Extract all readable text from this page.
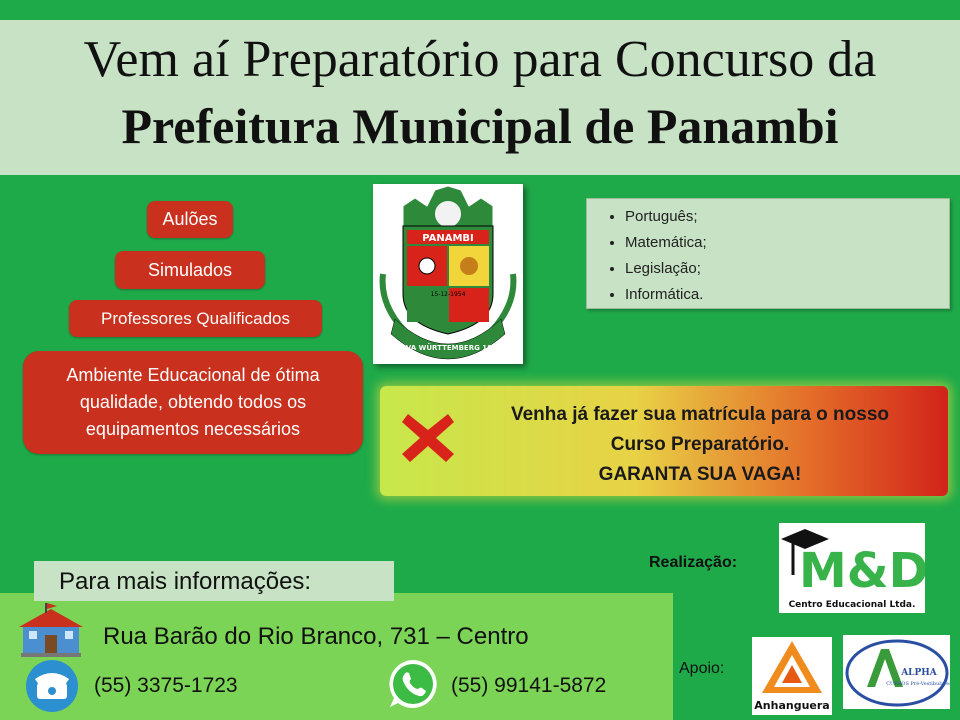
Vem aí Preparatório para Concurso da
Prefeitura Municipal de Panambi
Aulões
Simulados
Professores Qualificados
Ambiente Educacional de ótima qualidade, obtendo todos os equipamentos necessários
PANAMBI
15-12-1954
NOVA WÜRTTEMBERG 1899
• Português;
• Matemática;
• Legislação;
• Informática.
Venha já fazer sua matrícula para o nosso
Curso Preparatório.
GARANTA SUA VAGA!
Realização: M&D
Centro Educacional Ltda.
Apoio:
Anhanguera
ALPHA
CURSOS Pré-Vestibulares
Rua Barão do Rio Branco, 731 – Centro
(55) 3375-1723	(55) 99141-5872
Para mais informações:
